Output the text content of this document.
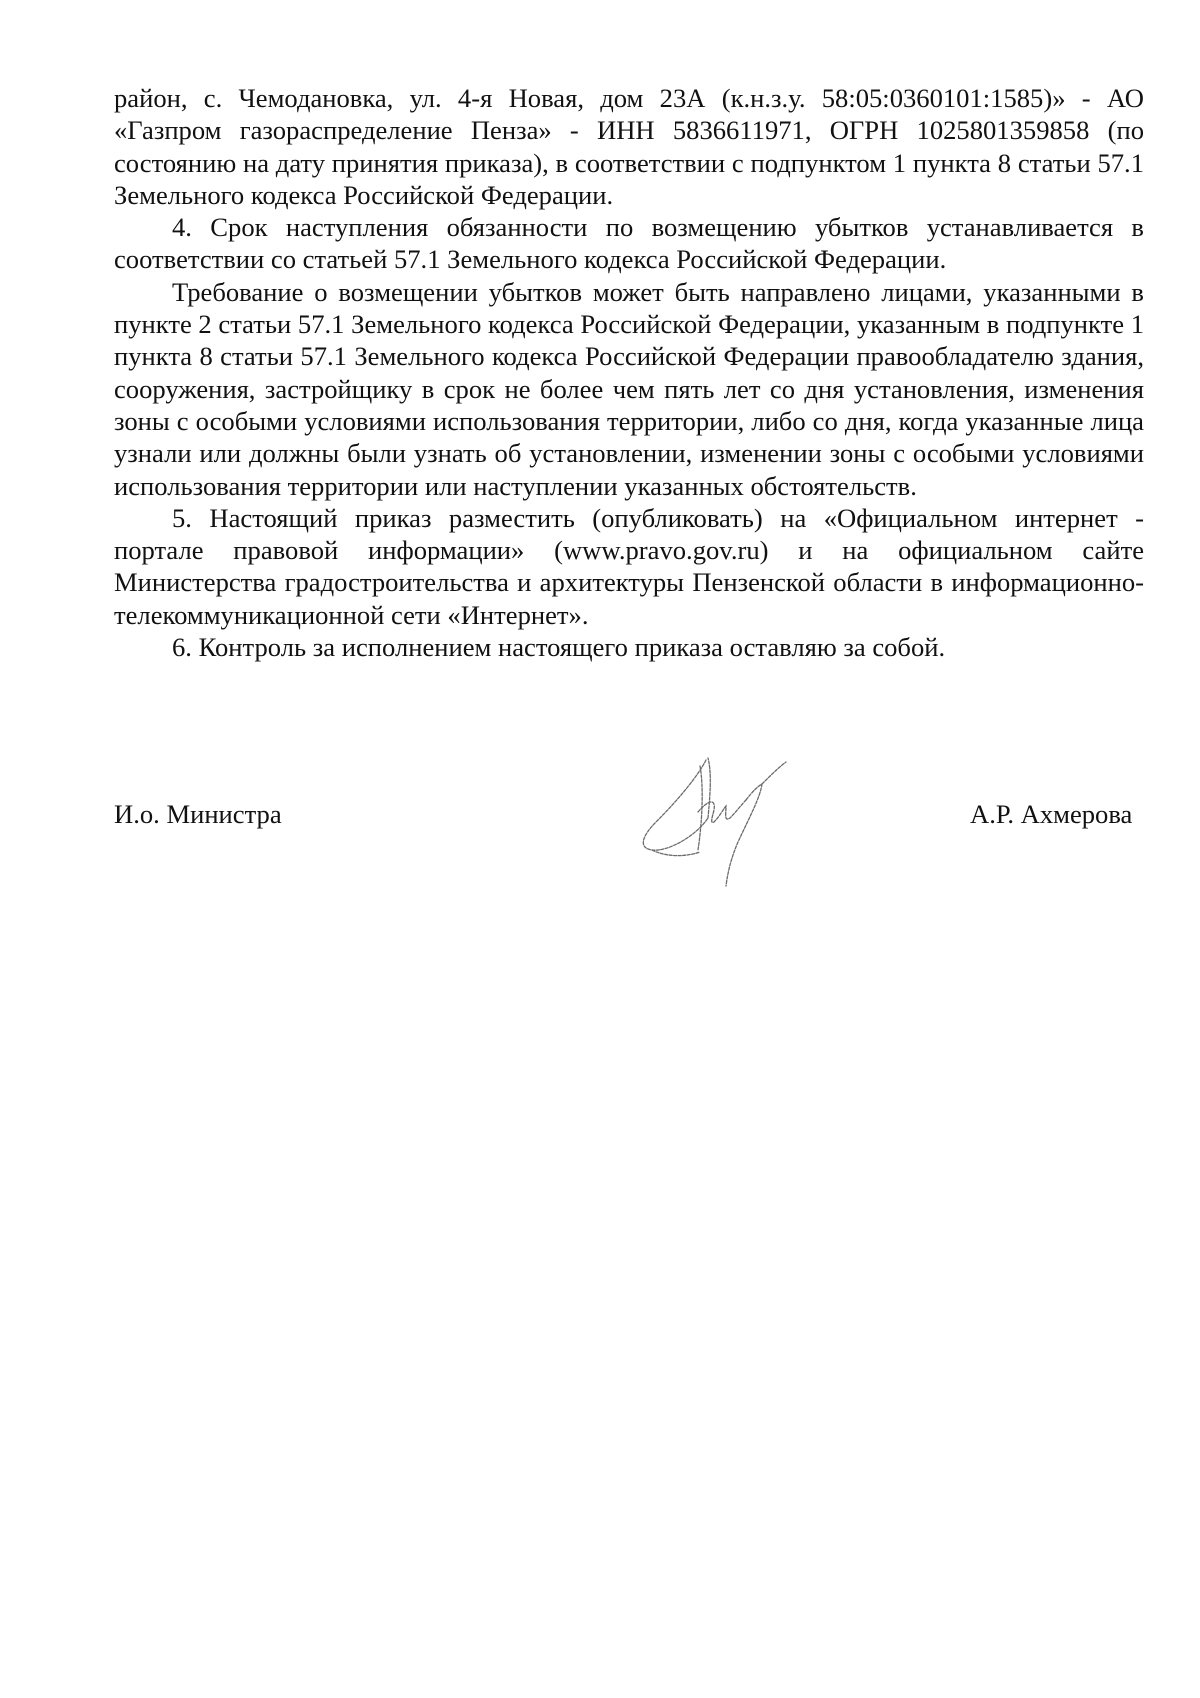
район, с. Чемодановка, ул. 4-я Новая, дом 23А (к.н.з.у. 58:05:0360101:1585)» - АО «Газпром газораспределение Пенза» - ИНН 5836611971, ОГРН 1025801359858 (по состоянию на дату принятия приказа), в соответствии с подпунктом 1 пункта 8 статьи 57.1 Земельного кодекса Российской Федерации.

4. Срок наступления обязанности по возмещению убытков устанавливается в соответствии со статьей 57.1 Земельного кодекса Российской Федерации.

Требование о возмещении убытков может быть направлено лицами, указанными в пункте 2 статьи 57.1 Земельного кодекса Российской Федерации, указанным в подпункте 1 пункта 8 статьи 57.1 Земельного кодекса Российской Федерации правообладателю здания, сооружения, застройщику в срок не более чем пять лет со дня установления, изменения зоны с особыми условиями использования территории, либо со дня, когда указанные лица узнали или должны были узнать об установлении, изменении зоны с особыми условиями использования территории или наступлении указанных обстоятельств.

5. Настоящий приказ разместить (опубликовать) на «Официальном интернет - портале правовой информации» (www.pravo.gov.ru) и на официальном сайте Министерства градостроительства и архитектуры Пензенской области в информационно-телекоммуникационной сети «Интернет».

6. Контроль за исполнением настоящего приказа оставляю за собой.

И.о. Министра	А.Р. Ахмерова
